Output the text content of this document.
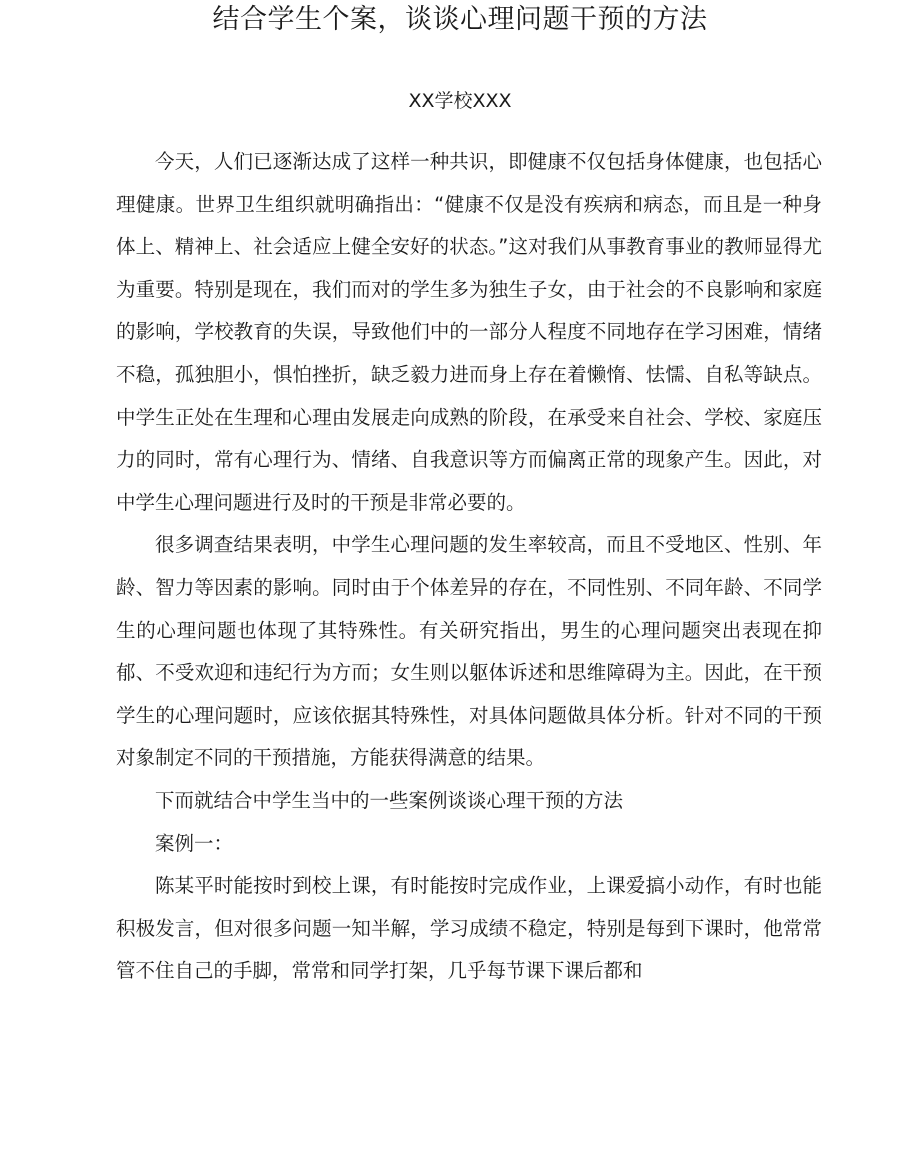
结合学生个案，谈谈心理问题干预的方法
XX学校XXX

今天，人们已逐渐达成了这样一种共识，即健康不仅包括身体健康，也包括心理健康。世界卫生组织就明确指出：“健康不仅是没有疾病和病态，而且是一种身体上、精神上、社会适应上健全安好的状态。”这对我们从事教育事业的教师显得尤为重要。特别是现在，我们而对的学生多为独生子女，由于社会的不良影响和家庭的影响，学校教育的失误，导致他们中的一部分人程度不同地存在学习困难，情绪不稳，孤独胆小，惧怕挫折，缺乏毅力进而身上存在着懒惰、怯懦、自私等缺点。中学生正处在生理和心理由发展走向成熟的阶段，在承受来自社会、学校、家庭压力的同时，常有心理行为、情绪、自我意识等方而偏离正常的现象产生。因此，对中学生心理问题进行及时的干预是非常必要的。

很多调查结果表明，中学生心理问题的发生率较高，而且不受地区、性别、年龄、智力等因素的影响。同时由于个体差异的存在，不同性别、不同年龄、不同学生的心理问题也体现了其特殊性。有关研究指出，男生的心理问题突出表现在抑郁、不受欢迎和违纪行为方而；女生则以躯体诉述和思维障碍为主。因此，在干预学生的心理问题时，应该依据其特殊性，对具体问题做具体分析。针对不同的干预对象制定不同的干预措施，方能获得满意的结果。

下而就结合中学生当中的一些案例谈谈心理干预的方法

案例一：

陈某平时能按时到校上课，有时能按时完成作业，上课爱搞小动作，有时也能积极发言，但对很多问题一知半解，学习成绩不稳定，特别是每到下课时，他常常管不住自己的手脚，常常和同学打架，几乎每节课下课后都和
